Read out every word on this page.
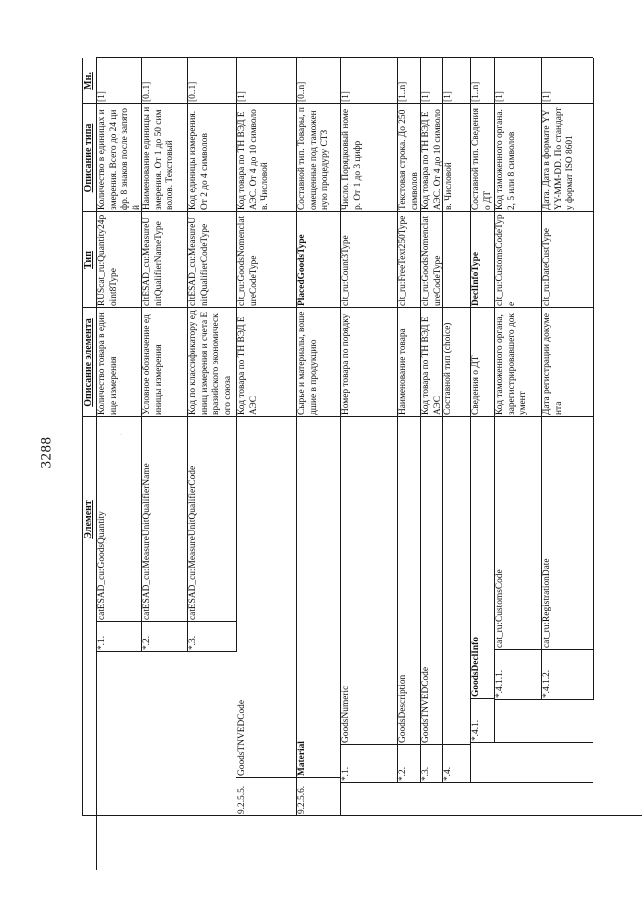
3288
·
Элемент
Описание элемента
Тип
Описание типа
Мн.
*.1.
catESAD_cu:GoodsQuantity
Количество товара в единице измерения
RUScat_ru:Quantity24point8Type
Количество в единицах измерения. Всего до 24 цифр. 8 знаков после запятой
[1]
*.2.
catESAD_cu:MeasureUnitQualifierName
Условное обозначение единицы измерения
cltESAD_cu:MeasureUnitQualifierNameType
Наименование единицы измерения. От 1 до 50 символов. Текстовый
[0..1]
*.3.
catESAD_cu:MeasureUnitQualifierCode
Код по классификатору единиц измерения и счета Евразийского экономического союза
cltESAD_cu:MeasureUnitQualifierCodeType
Код единицы измерения. От 2 до 4 символов
[0..1]
9.2.5.5.
GoodsTNVEDCode
Код товара по ТН ВЭД ЕАЭС
clt_ru:GoodsNomenclatureCodeType
Код товара по ТН ВЭД ЕАЭС. От 4 до 10 символов. Числовой
[1]
9.2.5.6.
Material
Сырье и материалы, вошедшие в продукцию
PlacedGoodsType
Составной тип. Товары, помещенные под таможенную процедуру СТЗ
[0..n]
*.1.
GoodsNumeric
Номер товара по порядку
clt_ru:Count3Type
Число. Порядковый номер. От 1 до 3 цифр
[1]
*.2.
GoodsDescription
Наименование товара
clt_ru:FreeText250Type
Текстовая строка. До 250 символов
[1..n]
*.3.
GoodsTNVEDCode
Код товара по ТН ВЭД ЕАЭС
clt_ru:GoodsNomenclatureCodeType
Код товара по ТН ВЭД ЕАЭС. От 4 до 10 символов. Числовой
[1]
*.4.
Составной тип (choice)
[1]
*.4.1.
GoodsDeclInfo
Сведения о ДТ
DeclInfoType
Составной тип. Сведения о ДТ
[1..n]
*.4.1.1.
cat_ru:CustomsCode
Код таможенного органа, зарегистрировавшего документ
clt_ru:CustomsCodeType
Код таможенного органа. 2, 5 или 8 символов
[1]
*.4.1.2.
cat_ru:RegistrationDate
Дата регистрации документа
clt_ru:DateCustType
Дата. Дата в формате YYYY-MM-DD. По стандарту формат ISO 8601
[1]
